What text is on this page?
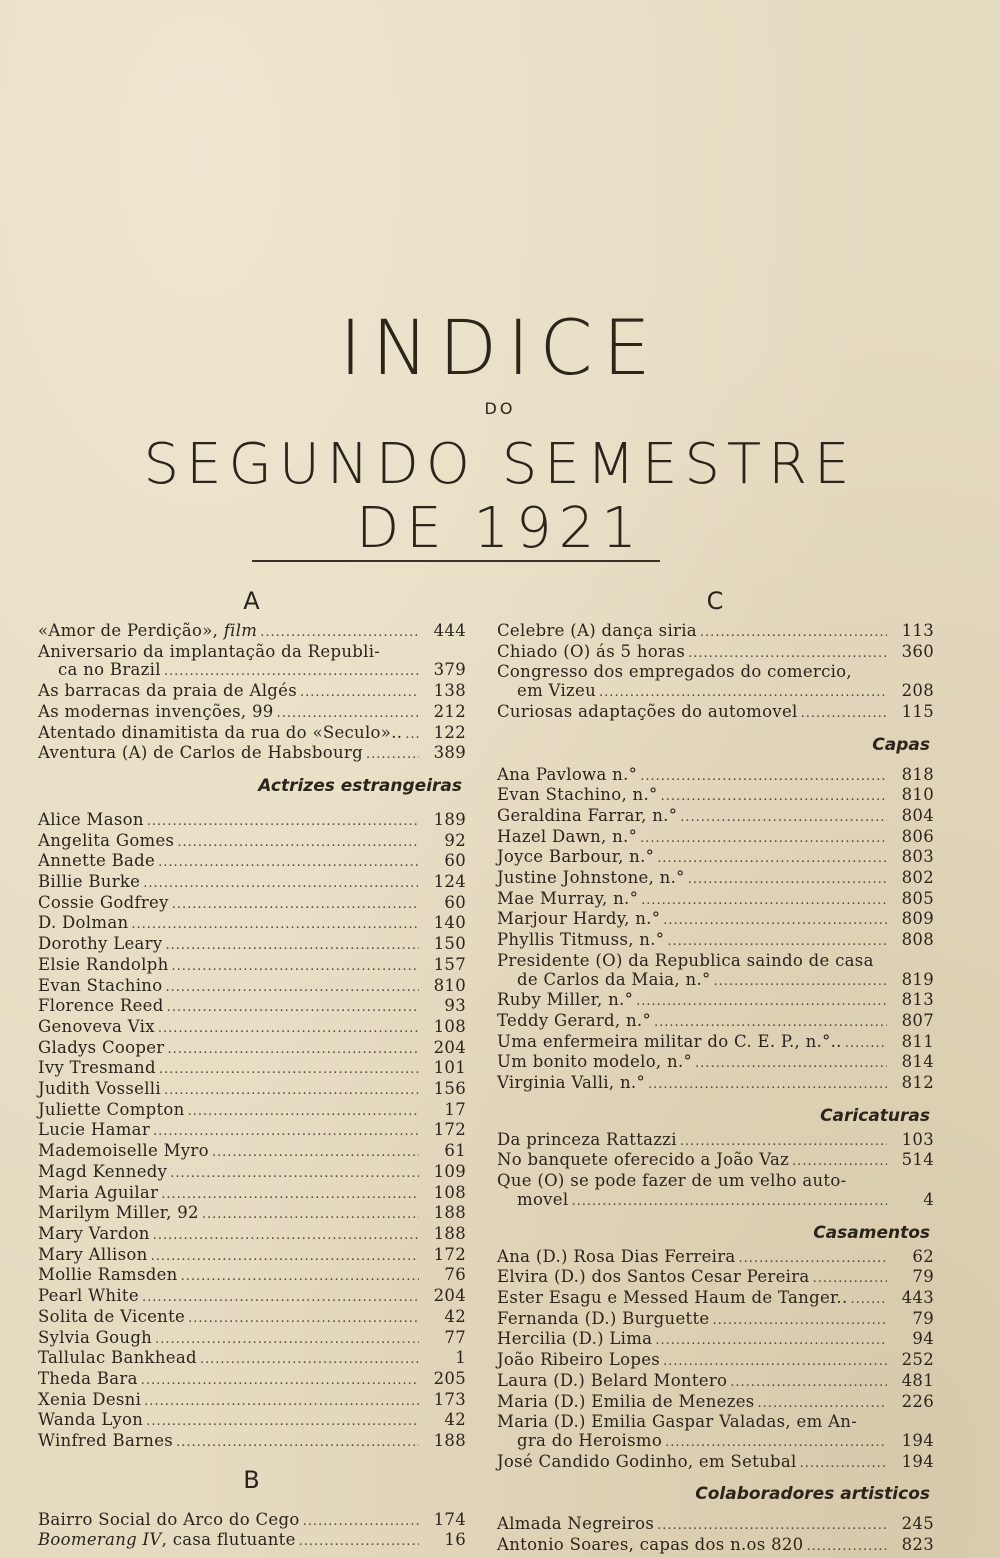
INDICE
DO
SEGUNDO SEMESTRE
DE 1921
A
«Amor de Perdição», film .....	444
Aniversario da implantação da Republi-
ca no Brazil .....	379
As barracas da praia de Algés .....	138
As modernas invenções, 99 .....	212
Atentado dinamitista da rua do «Seculo».. .....	122
Aventura (A) de Carlos de Habsbourg .....	389
Actrizes estrangeiras
Alice Mason .....	189
Angelita Gomes .....	92
Annette Bade .....	60
Billie Burke .....	124
Cossie Godfrey .....	60
D. Dolman .....	140
Dorothy Leary .....	150
Elsie Randolph .....	157
Evan Stachino .....	810
Florence Reed .....	93
Genoveva Vix .....	108
Gladys Cooper .....	204
Ivy Tresmand .....	101
Judith Vosselli .....	156
Juliette Compton .....	17
Lucie Hamar .....	172
Mademoiselle Myro .....	61
Magd Kennedy .....	109
Maria Aguilar .....	108
Marilym Miller, 92 .....	188
Mary Vardon .....	188
Mary Allison .....	172
Mollie Ramsden .....	76
Pearl White .....	204
Solita de Vicente .....	42
Sylvia Gough .....	77
Tallulac Bankhead .....	1
Theda Bara .....	205
Xenia Desni .....	173
Wanda Lyon .....	42
Winfred Barnes .....	188
B
Bairro Social do Arco do Cego .....	174
Boomerang IV, casa flutuante .....	16
C
Celebre (A) dança siria .....	113
Chiado (O) ás 5 horas .....	360
Congresso dos empregados do comercio,
em Vizeu .....	208
Curiosas adaptações do automovel .....	115
Capas
Ana Pavlowa n.° .....	818
Evan Stachino, n.° .....	810
Geraldina Farrar, n.° .....	804
Hazel Dawn, n.° .....	806
Joyce Barbour, n.° .....	803
Justine Johnstone, n.° .....	802
Mae Murray, n.° .....	805
Marjour Hardy, n.° .....	809
Phyllis Titmuss, n.° .....	808
Presidente (O) da Republica saindo de casa
de Carlos da Maia, n.° .....	819
Ruby Miller, n.° .....	813
Teddy Gerard, n.° .....	807
Uma enfermeira militar do C. E. P., n.°.. .....	811
Um bonito modelo, n.° .....	814
Virginia Valli, n.° .....	812
Caricaturas
Da princeza Rattazzi .....	103
No banquete oferecido a João Vaz .....	514
Que (O) se pode fazer de um velho auto-
movel .....	4
Casamentos
Ana (D.) Rosa Dias Ferreira .....	62
Elvira (D.) dos Santos Cesar Pereira .....	79
Ester Esagu e Messed Haum de Tanger.. .....	443
Fernanda (D.) Burguette .....	79
Hercilia (D.) Lima .....	94
João Ribeiro Lopes .....	252
Laura (D.) Belard Montero .....	481
Maria (D.) Emilia de Menezes .....	226
Maria (D.) Emilia Gaspar Valadas, em An-
gra do Heroismo .....	194
José Candido Godinho, em Setubal .....	194
Colaboradores artisticos
Almada Negreiros .....	245
Antonio Soares, capas dos n.os 820 .....	823
